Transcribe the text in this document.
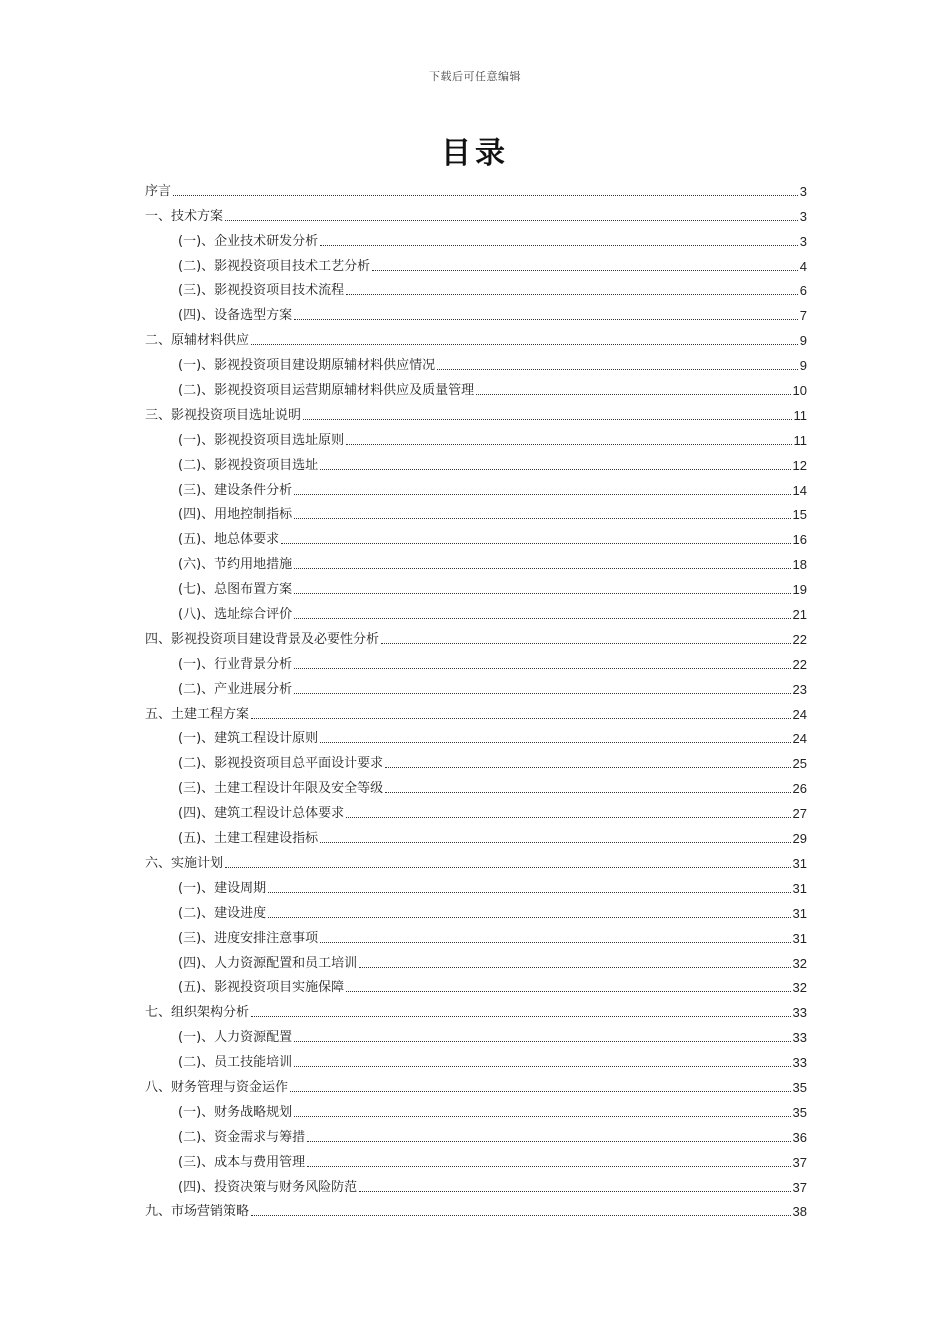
下载后可任意编辑
目录
序言	3
一、技术方案	3
(一)、企业技术研发分析	3
(二)、影视投资项目技术工艺分析	4
(三)、影视投资项目技术流程	6
(四)、设备选型方案	7
二、原辅材料供应	9
(一)、影视投资项目建设期原辅材料供应情况	9
(二)、影视投资项目运营期原辅材料供应及质量管理	10
三、影视投资项目选址说明	11
(一)、影视投资项目选址原则	11
(二)、影视投资项目选址	12
(三)、建设条件分析	14
(四)、用地控制指标	15
(五)、地总体要求	16
(六)、节约用地措施	18
(七)、总图布置方案	19
(八)、选址综合评价	21
四、影视投资项目建设背景及必要性分析	22
(一)、行业背景分析	22
(二)、产业进展分析	23
五、土建工程方案	24
(一)、建筑工程设计原则	24
(二)、影视投资项目总平面设计要求	25
(三)、土建工程设计年限及安全等级	26
(四)、建筑工程设计总体要求	27
(五)、土建工程建设指标	29
六、实施计划	31
(一)、建设周期	31
(二)、建设进度	31
(三)、进度安排注意事项	31
(四)、人力资源配置和员工培训	32
(五)、影视投资项目实施保障	32
七、组织架构分析	33
(一)、人力资源配置	33
(二)、员工技能培训	33
八、财务管理与资金运作	35
(一)、财务战略规划	35
(二)、资金需求与筹措	36
(三)、成本与费用管理	37
(四)、投资决策与财务风险防范	37
九、市场营销策略	38
